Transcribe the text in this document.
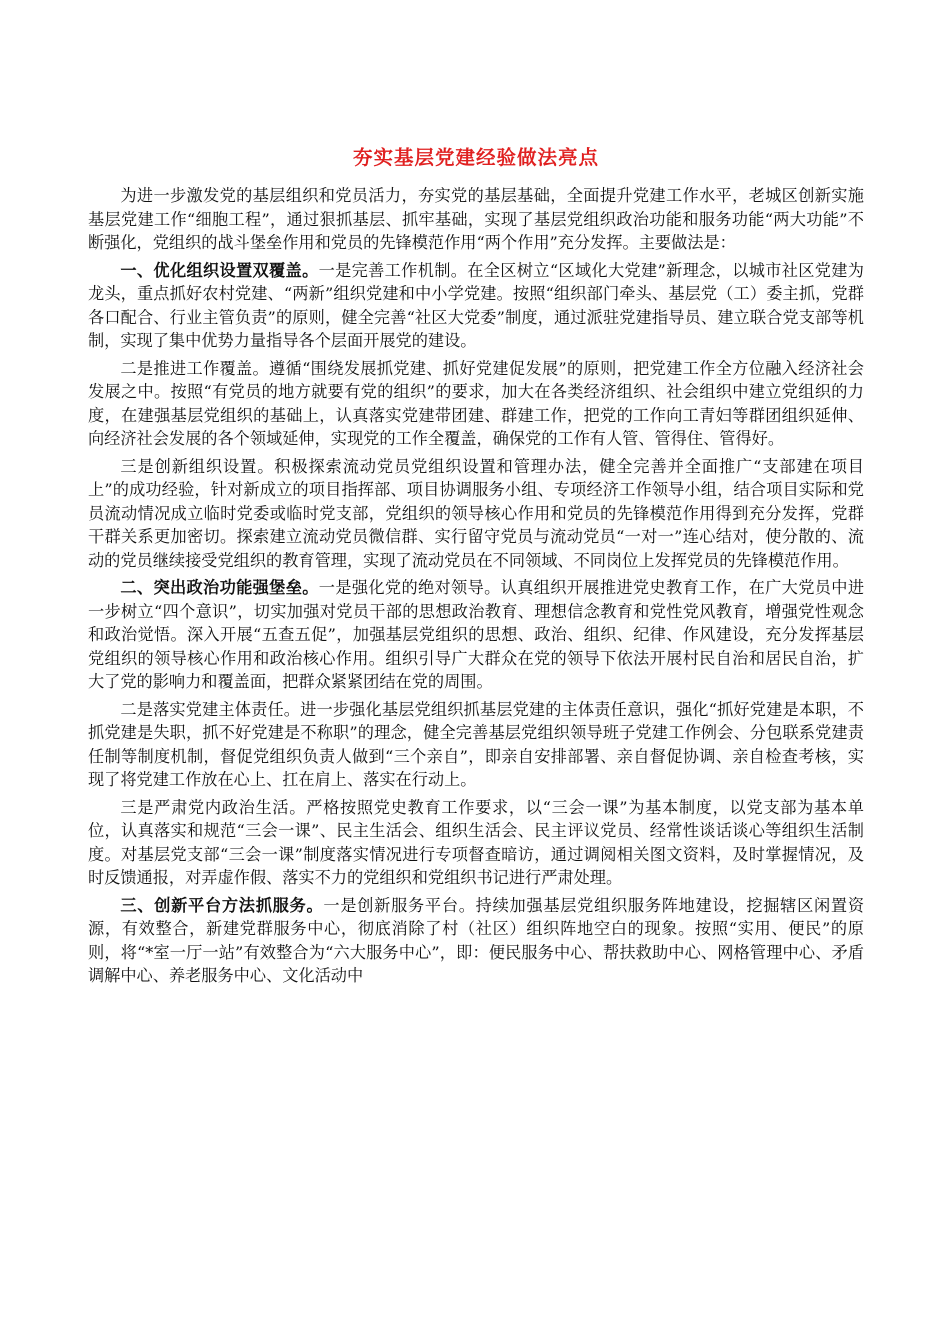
夯实基层党建经验做法亮点

为进一步激发党的基层组织和党员活力，夯实党的基层基础，全面提升党建工作水平，老城区创新实施基层党建工作“细胞工程”，通过狠抓基层、抓牢基础，实现了基层党组织政治功能和服务功能“两大功能”不断强化，党组织的战斗堡垒作用和党员的先锋模范作用“两个作用”充分发挥。主要做法是：

一、优化组织设置双覆盖。一是完善工作机制。在全区树立“区域化大党建”新理念，以城市社区党建为龙头，重点抓好农村党建、“两新”组织党建和中小学党建。按照“组织部门牵头、基层党（工）委主抓，党群各口配合、行业主管负责”的原则，健全完善“社区大党委”制度，通过派驻党建指导员、建立联合党支部等机制，实现了集中优势力量指导各个层面开展党的建设。

二是推进工作覆盖。遵循“围绕发展抓党建、抓好党建促发展”的原则，把党建工作全方位融入经济社会发展之中。按照“有党员的地方就要有党的组织”的要求，加大在各类经济组织、社会组织中建立党组织的力度，在建强基层党组织的基础上，认真落实党建带团建、群建工作，把党的工作向工青妇等群团组织延伸、向经济社会发展的各个领域延伸，实现党的工作全覆盖，确保党的工作有人管、管得住、管得好。

三是创新组织设置。积极探索流动党员党组织设置和管理办法，健全完善并全面推广“支部建在项目上”的成功经验，针对新成立的项目指挥部、项目协调服务小组、专项经济工作领导小组，结合项目实际和党员流动情况成立临时党委或临时党支部，党组织的领导核心作用和党员的先锋模范作用得到充分发挥，党群干群关系更加密切。探索建立流动党员微信群、实行留守党员与流动党员“一对一”连心结对，使分散的、流动的党员继续接受党组织的教育管理，实现了流动党员在不同领域、不同岗位上发挥党员的先锋模范作用。

二、突出政治功能强堡垒。一是强化党的绝对领导。认真组织开展推进党史教育工作，在广大党员中进一步树立“四个意识”，切实加强对党员干部的思想政治教育、理想信念教育和党性党风教育，增强党性观念和政治觉悟。深入开展“五查五促”，加强基层党组织的思想、政治、组织、纪律、作风建设，充分发挥基层党组织的领导核心作用和政治核心作用。组织引导广大群众在党的领导下依法开展村民自治和居民自治，扩大了党的影响力和覆盖面，把群众紧紧团结在党的周围。

二是落实党建主体责任。进一步强化基层党组织抓基层党建的主体责任意识，强化“抓好党建是本职，不抓党建是失职，抓不好党建是不称职”的理念，健全完善基层党组织领导班子党建工作例会、分包联系党建责任制等制度机制，督促党组织负责人做到“三个亲自”，即亲自安排部署、亲自督促协调、亲自检查考核，实现了将党建工作放在心上、扛在肩上、落实在行动上。

三是严肃党内政治生活。严格按照党史教育工作要求，以“三会一课”为基本制度，以党支部为基本单位，认真落实和规范“三会一课”、民主生活会、组织生活会、民主评议党员、经常性谈话谈心等组织生活制度。对基层党支部“三会一课”制度落实情况进行专项督查暗访，通过调阅相关图文资料，及时掌握情况，及时反馈通报，对弄虚作假、落实不力的党组织和党组织书记进行严肃处理。

三、创新平台方法抓服务。一是创新服务平台。持续加强基层党组织服务阵地建设，挖掘辖区闲置资源，有效整合，新建党群服务中心，彻底消除了村（社区）组织阵地空白的现象。按照“实用、便民”的原则，将“*室一厅一站”有效整合为“六大服务中心”，即：便民服务中心、帮扶救助中心、网格管理中心、矛盾调解中心、养老服务中心、文化活动中
